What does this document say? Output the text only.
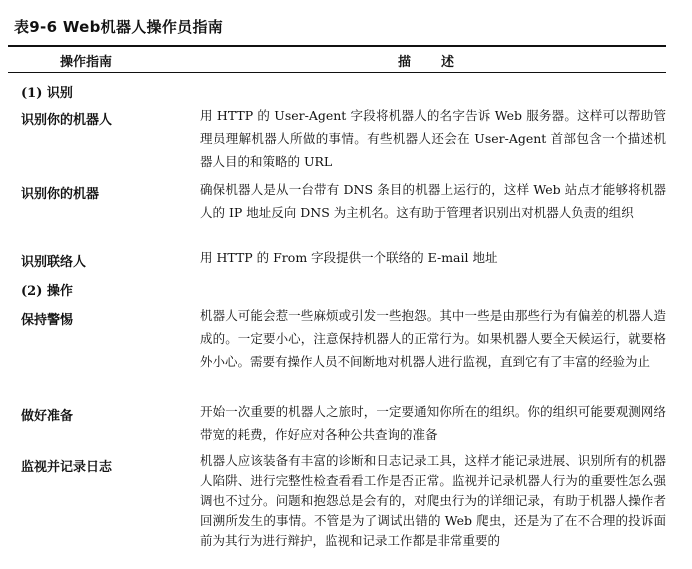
表9-6 Web机器人操作员指南
操作指南	描述
(1) 识别
识别你的机器人	用 HTTP 的 User-Agent 字段将机器人的名字告诉 Web 服务器。这样可以帮助管理员理解机器人所做的事情。有些机器人还会在 User-Agent 首部包含一个描述机器人目的和策略的 URL
识别你的机器	确保机器人是从一台带有 DNS 条目的机器上运行的，这样 Web 站点才能够将机器人的 IP 地址反向 DNS 为主机名。这有助于管理者识别出对机器人负责的组织
识别联络人	用 HTTP 的 From 字段提供一个联络的 E-mail 地址
(2) 操作
保持警惕	机器人可能会惹一些麻烦或引发一些抱怨。其中一些是由那些行为有偏差的机器人造成的。一定要小心，注意保持机器人的正常行为。如果机器人要全天候运行，就要格外小心。需要有操作人员不间断地对机器人进行监视，直到它有了丰富的经验为止
做好准备	开始一次重要的机器人之旅时，一定要通知你所在的组织。你的组织可能要观测网络带宽的耗费，作好应对各种公共查询的准备
监视并记录日志	机器人应该装备有丰富的诊断和日志记录工具，这样才能记录进展、识别所有的机器人陷阱、进行完整性检查看看工作是否正常。监视并记录机器人行为的重要性怎么强调也不过分。问题和抱怨总是会有的，对爬虫行为的详细记录，有助于机器人操作者回溯所发生的事情。不管是为了调试出错的 Web 爬虫，还是为了在不合理的投诉面前为其行为进行辩护，监视和记录工作都是非常重要的
